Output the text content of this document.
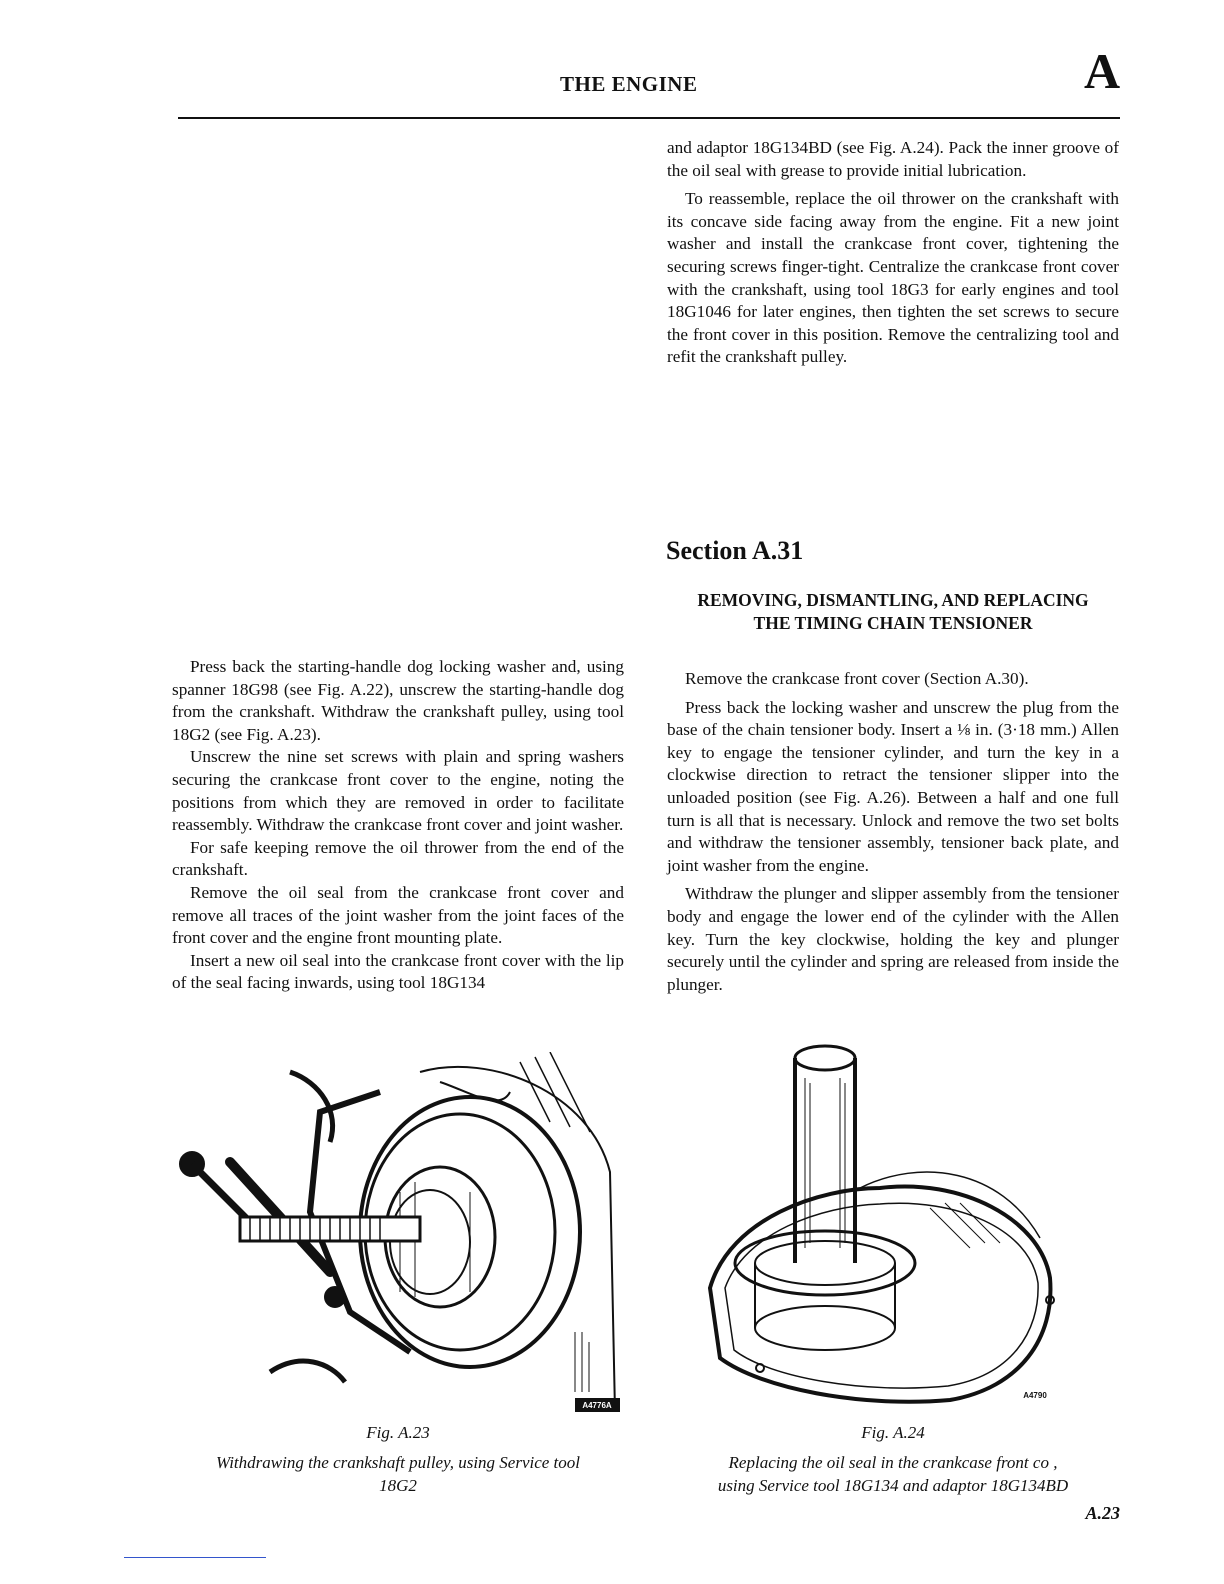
THE ENGINE	A

and adaptor 18G134BD (see Fig. A.24). Pack the inner groove of the oil seal with grease to provide initial lubrication.

To reassemble, replace the oil thrower on the crankshaft with its concave side facing away from the engine. Fit a new joint washer and install the crankcase front cover, tightening the securing screws finger-tight. Centralize the crankcase front cover with the crankshaft, using tool 18G3 for early engines and tool 18G1046 for later engines, then tighten the set screws to secure the front cover in this position. Remove the centralizing tool and refit the crankshaft pulley.

Section A.31
REMOVING, DISMANTLING, AND REPLACING
THE TIMING CHAIN TENSIONER

Press back the starting-handle dog locking washer and, using spanner 18G98 (see Fig. A.22), unscrew the starting-handle dog from the crankshaft. Withdraw the crankshaft pulley, using tool 18G2 (see Fig. A.23).

Unscrew the nine set screws with plain and spring washers securing the crankcase front cover to the engine, noting the positions from which they are removed in order to facilitate reassembly. Withdraw the crankcase front cover and joint washer.

For safe keeping remove the oil thrower from the end of the crankshaft.

Remove the oil seal from the crankcase front cover and remove all traces of the joint washer from the joint faces of the front cover and the engine front mounting plate.

Insert a new oil seal into the crankcase front cover with the lip of the seal facing inwards, using tool 18G134

Remove the crankcase front cover (Section A.30).

Press back the locking washer and unscrew the plug from the base of the chain tensioner body. Insert a ⅛ in. (3·18 mm.) Allen key to engage the tensioner cylinder, and turn the key in a clockwise direction to retract the tensioner slipper into the unloaded position (see Fig. A.26). Between a half and one full turn is all that is necessary. Unlock and remove the two set bolts and withdraw the tensioner assembly, tensioner back plate, and joint washer from the engine.

Withdraw the plunger and slipper assembly from the tensioner body and engage the lower end of the cylinder with the Allen key. Turn the key clockwise, holding the key and plunger securely until the cylinder and spring are released from inside the plunger.

A4776A
A4790
Fig. A.23
Withdrawing the crankshaft pulley, using Service tool
18G2
Fig. A.24
Replacing the oil seal in the crankcase front co ,
using Service tool 18G134 and adaptor 18G134BD
A.23
